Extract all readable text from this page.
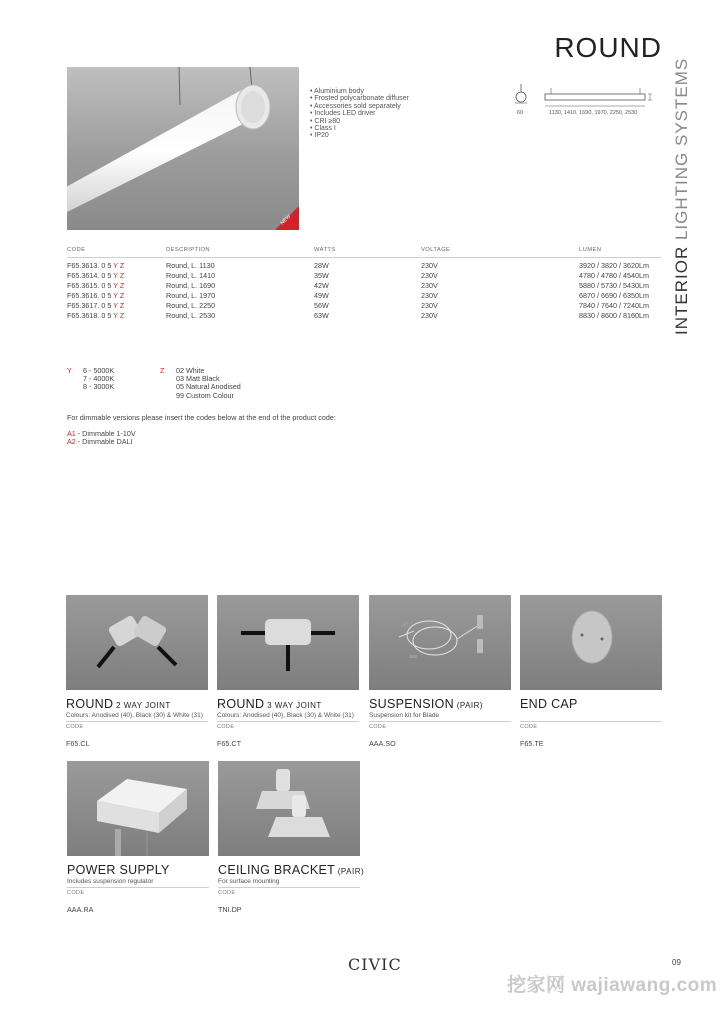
ROUND
INTERIOR LIGHTING SYSTEMS
NEW
• Aluminium body
• Frosted polycarbonate diffuser
• Accessories sold separately
• Includes LED driver
• CRI ≥80
• Class I
• IP20
60	1130, 1410, 1690, 1970, 2250, 2530
CODE	DESCRIPTION	WATTS	VOLTAGE	LUMEN
F65.3613. 0 5 Y Z	Round, L. 1130	28W	230V	3920 / 3820 / 3620Lm
F65.3614. 0 5 Y Z	Round, L. 1410	35W	230V	4780 / 4780 / 4540Lm
F65.3615. 0 5 Y Z	Round, L. 1690	42W	230V	5880 / 5730 / 5430Lm
F65.3616. 0 5 Y Z	Round, L. 1970	49W	230V	6870 / 6690 / 6350Lm
F65.3617. 0 5 Y Z	Round, L. 2250	56W	230V	7840 / 7640 / 7240Lm
F65.3618. 0 5 Y Z	Round, L. 2530	63W	230V	8830 / 8600 / 8160Lm
Y 6 - 5000K
7 - 4000K
8 - 3000K
Z 02 White
03 Matt Black
05 Natural Anodised
99 Custom Colour
For dimmable versions please insert the codes below at the end of the product code:
A1 - Dimmable 1-10V
A2 - Dimmable DALI
ROUND 2 WAY JOINT
Colours: Anodised (40), Black (30) & White (31)
CODE
F65.CL
ROUND 3 WAY JOINT
Colours: Anodised (40), Black (30) & White (31)
CODE
F65.CT
SUSPENSION (PAIR)
Suspension kit for Blade
CODE
AAA.SO
END CAP
CODE
F65.TE
POWER SUPPLY
Includes suspension regulator
CODE
AAA.RA
CEILING BRACKET (PAIR)
For surface mounting
CODE
TNI.DP
CIVIC	09
挖家网 wajiawang.com
